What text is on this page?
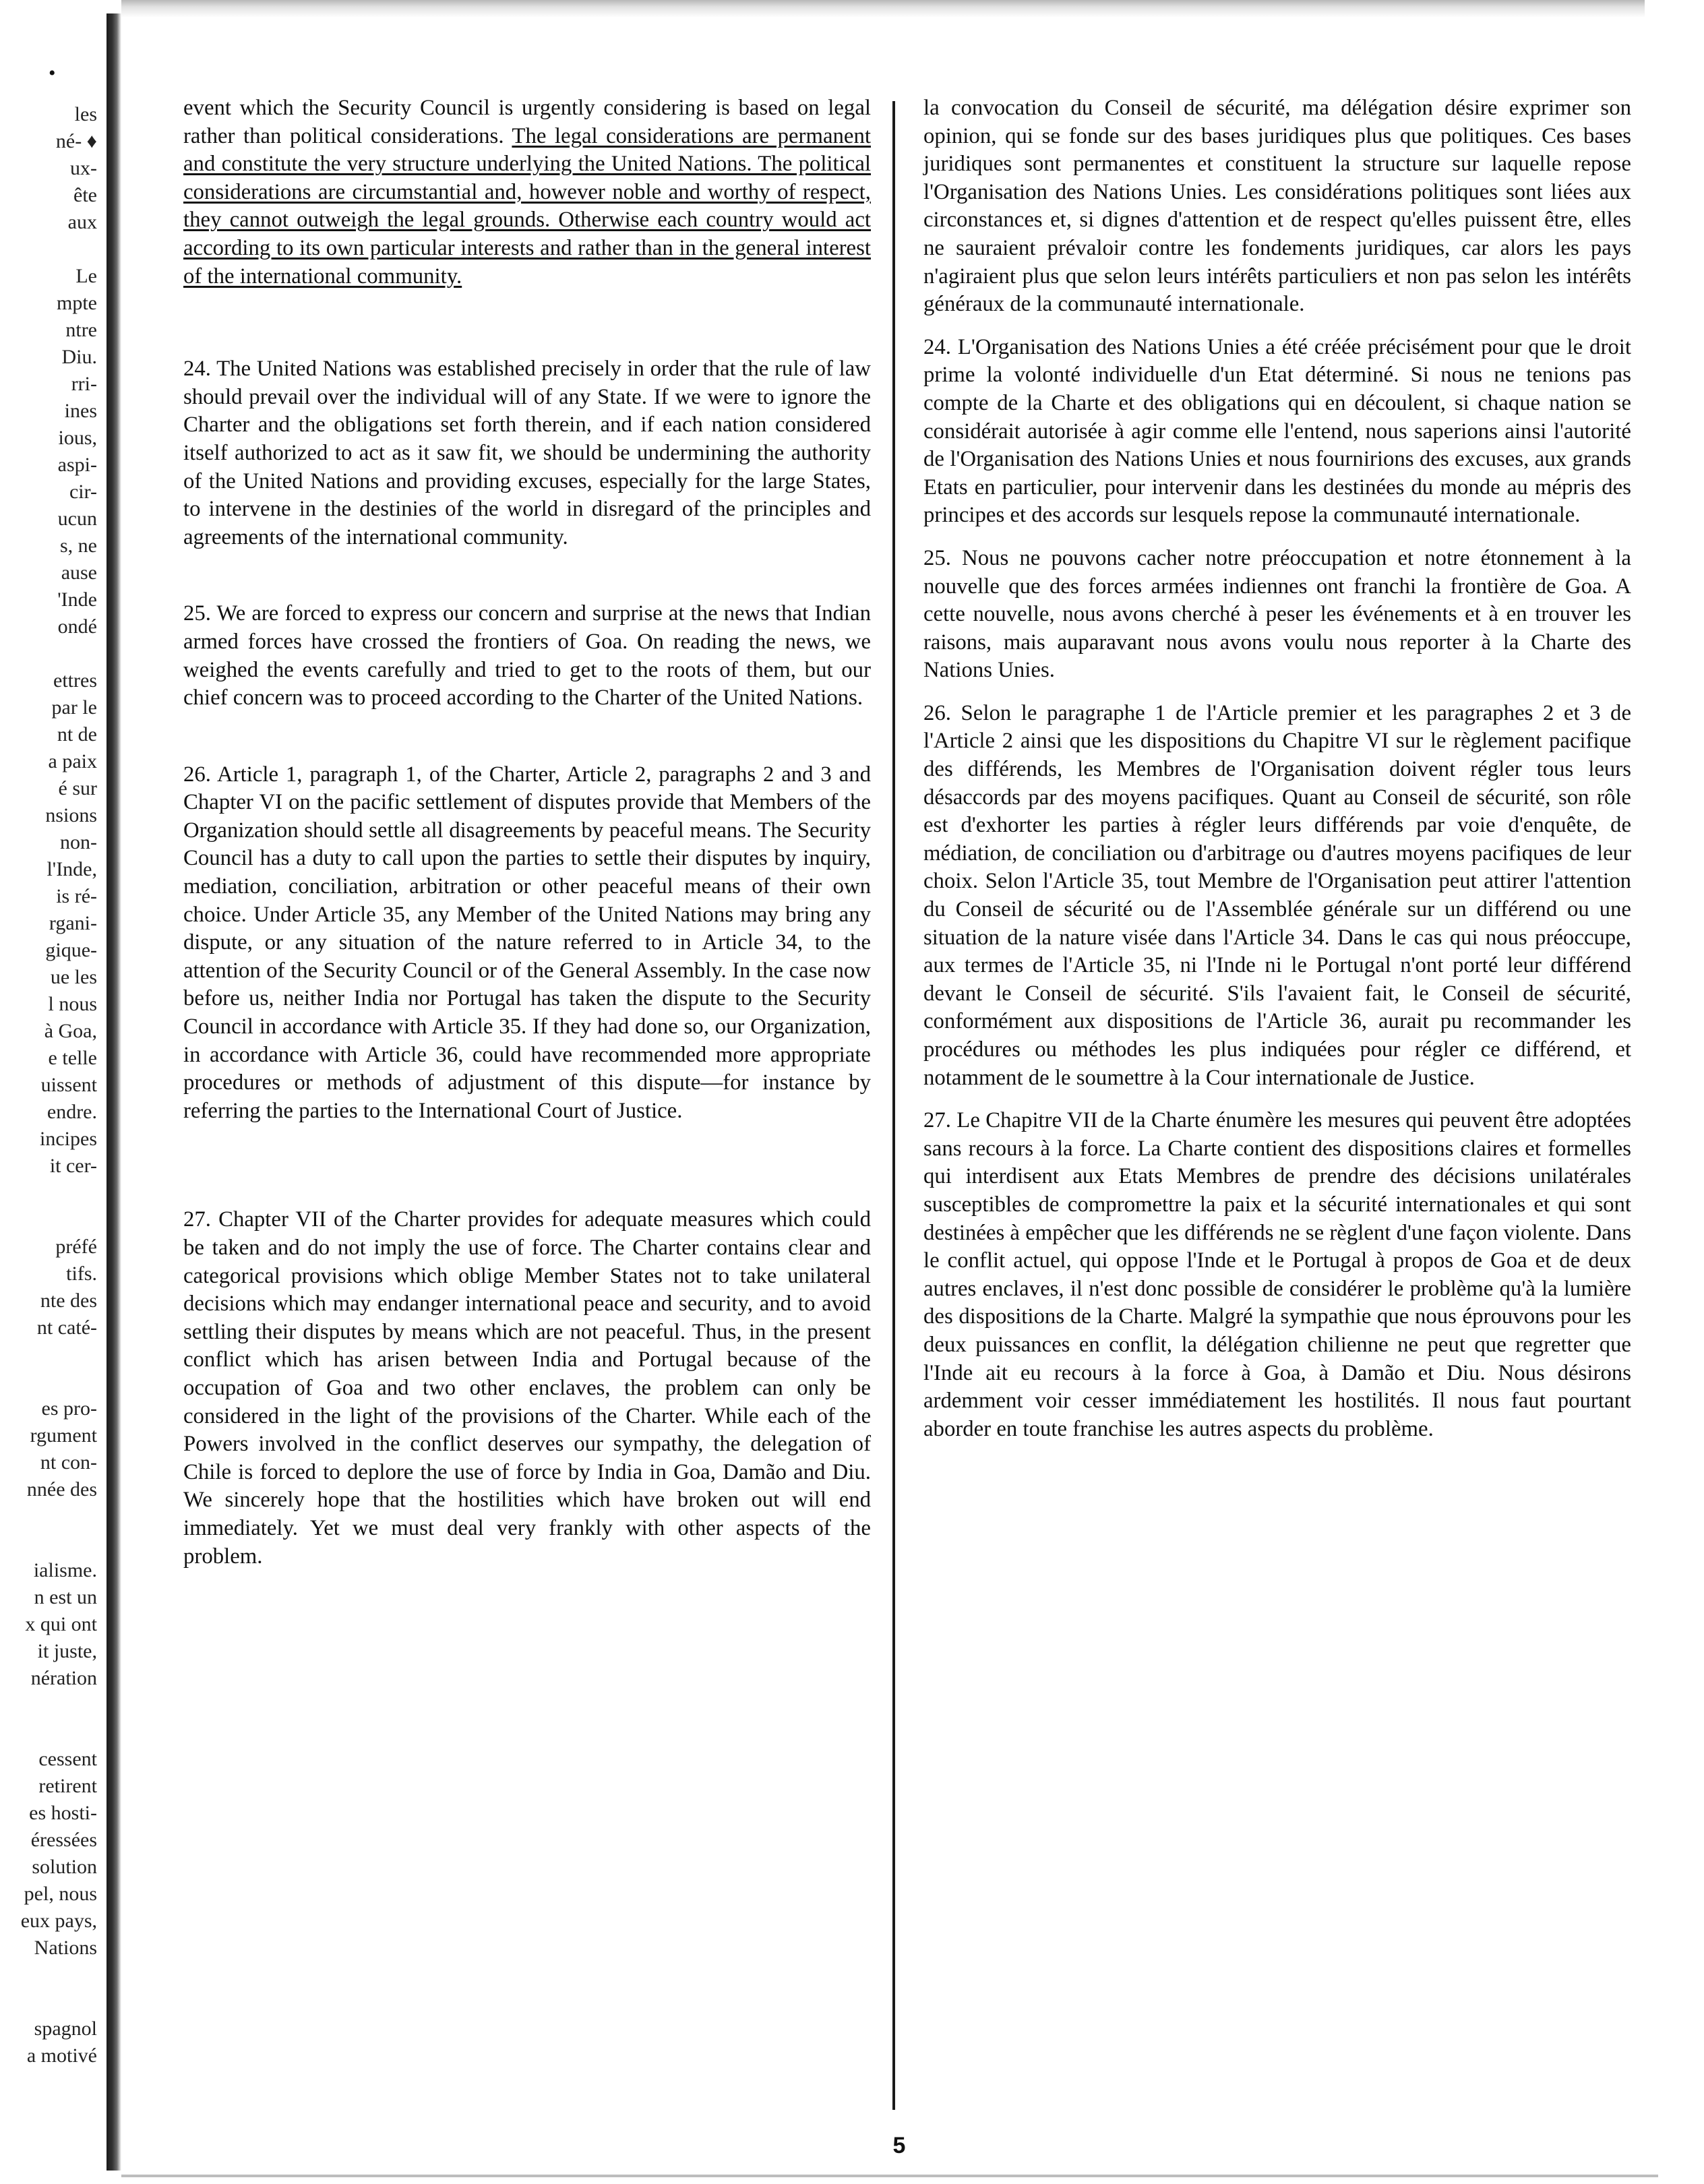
•
les
né- ♦
ux-
ête
aux
Le
mpte
ntre
Diu.
rri-
ines
ious,
aspi-
cir-
ucun
s, ne
ause
'Inde
ondé
ettres
par le
nt de
a paix
é sur
nsions
non-
l'Inde,
is ré-
rgani-
gique-
ue les
l nous
à Goa,
e telle
uissent
endre.
incipes
it cer-
préfé
tifs.
nte des
nt caté-
es pro-
rgument
nt con-
nnée des
ialisme.
n est un
x qui ont
it juste,
nération
cessent
retirent
es hosti-
éressées
solution
pel, nous
eux pays,
Nations
spagnol
a motivé

event which the Security Council is urgently considering is based on legal rather than political considerations. The legal considerations are permanent and constitute the very structure underlying the United Nations. The political considerations are circumstantial and, however noble and worthy of respect, they cannot outweigh the legal grounds. Otherwise each country would act according to its own particular interests and rather than in the general interest of the international community.

24. The United Nations was established precisely in order that the rule of law should prevail over the individual will of any State. If we were to ignore the Charter and the obligations set forth therein, and if each nation considered itself authorized to act as it saw fit, we should be undermining the authority of the United Nations and providing excuses, especially for the large States, to intervene in the destinies of the world in disregard of the principles and agreements of the international community.

25. We are forced to express our concern and surprise at the news that Indian armed forces have crossed the frontiers of Goa. On reading the news, we weighed the events carefully and tried to get to the roots of them, but our chief concern was to proceed according to the Charter of the United Nations.

26. Article 1, paragraph 1, of the Charter, Article 2, paragraphs 2 and 3 and Chapter VI on the pacific settlement of disputes provide that Members of the Organization should settle all disagreements by peaceful means. The Security Council has a duty to call upon the parties to settle their disputes by inquiry, mediation, conciliation, arbitration or other peaceful means of their own choice. Under Article 35, any Member of the United Nations may bring any dispute, or any situation of the nature referred to in Article 34, to the attention of the Security Council or of the General Assembly. In the case now before us, neither India nor Portugal has taken the dispute to the Security Council in accordance with Article 35. If they had done so, our Organization, in accordance with Article 36, could have recommended more appropriate procedures or methods of adjustment of this dispute—for instance by referring the parties to the International Court of Justice.

27. Chapter VII of the Charter provides for adequate measures which could be taken and do not imply the use of force. The Charter contains clear and categorical provisions which oblige Member States not to take unilateral decisions which may endanger international peace and security, and to avoid settling their disputes by means which are not peaceful. Thus, in the present conflict which has arisen between India and Portugal because of the occupation of Goa and two other enclaves, the problem can only be considered in the light of the provisions of the Charter. While each of the Powers involved in the conflict deserves our sympathy, the delegation of Chile is forced to deplore the use of force by India in Goa, Damão and Diu. We sincerely hope that the hostilities which have broken out will end immediately. Yet we must deal very frankly with other aspects of the problem.

la convocation du Conseil de sécurité, ma délégation désire exprimer son opinion, qui se fonde sur des bases juridiques plus que politiques. Ces bases juridiques sont permanentes et constituent la structure sur laquelle repose l'Organisation des Nations Unies. Les considérations politiques sont liées aux circonstances et, si dignes d'attention et de respect qu'elles puissent être, elles ne sauraient prévaloir contre les fondements juridiques, car alors les pays n'agiraient plus que selon leurs intérêts particuliers et non pas selon les intérêts généraux de la communauté internationale.

24. L'Organisation des Nations Unies a été créée précisément pour que le droit prime la volonté individuelle d'un Etat déterminé. Si nous ne tenions pas compte de la Charte et des obligations qui en découlent, si chaque nation se considérait autorisée à agir comme elle l'entend, nous saperions ainsi l'autorité de l'Organisation des Nations Unies et nous fournirions des excuses, aux grands Etats en particulier, pour intervenir dans les destinées du monde au mépris des principes et des accords sur lesquels repose la communauté internationale.

25. Nous ne pouvons cacher notre préoccupation et notre étonnement à la nouvelle que des forces armées indiennes ont franchi la frontière de Goa. A cette nouvelle, nous avons cherché à peser les événements et à en trouver les raisons, mais auparavant nous avons voulu nous reporter à la Charte des Nations Unies.

26. Selon le paragraphe 1 de l'Article premier et les paragraphes 2 et 3 de l'Article 2 ainsi que les dispositions du Chapitre VI sur le règlement pacifique des différends, les Membres de l'Organisation doivent régler tous leurs désaccords par des moyens pacifiques. Quant au Conseil de sécurité, son rôle est d'exhorter les parties à régler leurs différends par voie d'enquête, de médiation, de conciliation ou d'arbitrage ou d'autres moyens pacifiques de leur choix. Selon l'Article 35, tout Membre de l'Organisation peut attirer l'attention du Conseil de sécurité ou de l'Assemblée générale sur un différend ou une situation de la nature visée dans l'Article 34. Dans le cas qui nous préoccupe, aux termes de l'Article 35, ni l'Inde ni le Portugal n'ont porté leur différend devant le Conseil de sécurité. S'ils l'avaient fait, le Conseil de sécurité, conformément aux dispositions de l'Article 36, aurait pu recommander les procédures ou méthodes les plus indiquées pour régler ce différend, et notamment de le soumettre à la Cour internationale de Justice.

27. Le Chapitre VII de la Charte énumère les mesures qui peuvent être adoptées sans recours à la force. La Charte contient des dispositions claires et formelles qui interdisent aux Etats Membres de prendre des décisions unilatérales susceptibles de compromettre la paix et la sécurité internationales et qui sont destinées à empêcher que les différends ne se règlent d'une façon violente. Dans le conflit actuel, qui oppose l'Inde et le Portugal à propos de Goa et de deux autres enclaves, il n'est donc possible de considérer le problème qu'à la lumière des dispositions de la Charte. Malgré la sympathie que nous éprouvons pour les deux puissances en conflit, la délégation chilienne ne peut que regretter que l'Inde ait eu recours à la force à Goa, à Damão et Diu. Nous désirons ardemment voir cesser immédiatement les hostilités. Il nous faut pourtant aborder en toute franchise les autres aspects du problème.

5
